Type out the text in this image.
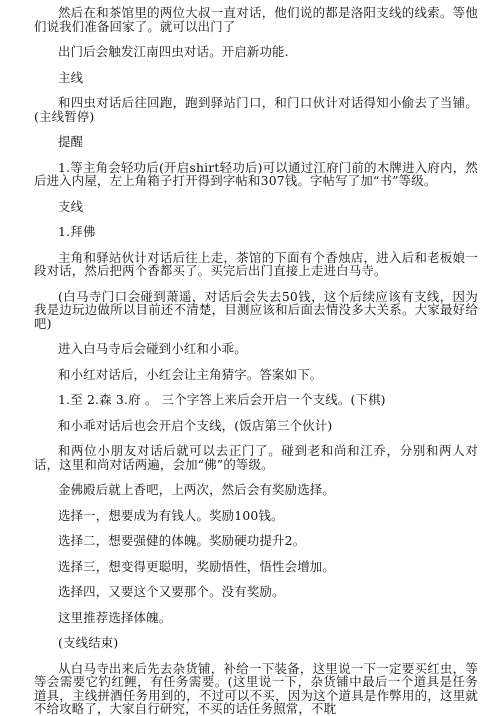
然后在和茶馆里的两位大叔一直对话，他们说的都是洛阳支线的线索。等他们说我们准备回家了。就可以出门了

出门后会触发江南四虫对话。开启新功能.

主线

和四虫对话后往回跑，跑到驿站门口，和门口伙计对话得知小偷去了当铺。(主线暂停)

提醒

1.等主角会轻功后(开启shirt轻功后)可以通过江府门前的木牌进入府内，然后进入内屋，左上角箱子打开得到字帖和307钱。字帖写了加“书”等级。

支线

1.拜佛

主角和驿站伙计对话后往上走，茶馆的下面有个香烛店，进入后和老板娘一段对话，然后把两个香都买了。买完后出门直接上走进白马寺。

(白马寺门口会碰到萧遥，对话后会失去50钱，这个后续应该有支线，因为我是边玩边做所以目前还不清楚，目测应该和后面去情没多大关系。大家最好给吧)

进入白马寺后会碰到小红和小乖。

和小红对话后，小红会让主角猜字。答案如下。

1.至 2.森 3.府 。 三个字答上来后会开启一个支线。(下棋)

和小乖对话后也会开启个支线，(饭店第三个伙计)

和两位小朋友对话后就可以去正门了。碰到老和尚和江乔，分别和两人对话，这里和尚对话两遍，会加“佛”的等级。

金佛殿后就上香吧，上两次，然后会有奖励选择。

选择一，想要成为有钱人。奖励100钱。

选择二，想要强健的体魄。奖励硬功提升2。

选择三，想变得更聪明，奖励悟性，悟性会增加。

选择四，又要这个又要那个。没有奖励。

这里推荐选择体魄。

(支线结束)

从白马寺出来后先去杂货铺，补给一下装备，这里说一下一定要买红虫，等等会需要它钓红鲤，有任务需要。(这里说一下，杂货铺中最后一个道具是任务道具，主线拼酒任务用到的，不过可以不买，因为这个道具是作弊用的，这里就不给攻略了，大家自行研究，不买的话任务照常，不耽
